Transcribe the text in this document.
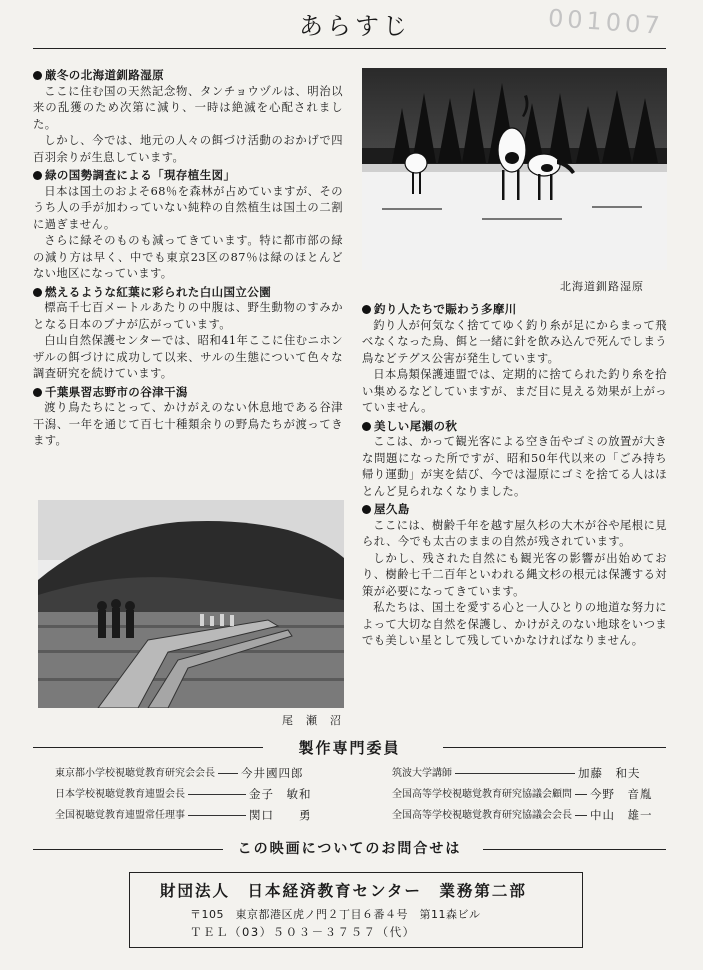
あらすじ	001007
厳冬の北海道釧路湿原
ここに住む国の天然記念物、タンチョウヅルは、明治以来の乱獲のため次第に減り、一時は絶滅を心配されました。
しかし、今では、地元の人々の餌づけ活動のおかげで四百羽余りが生息しています。
緑の国勢調査による「現存植生図」
日本は国土のおよそ68％を森林が占めていますが、そのうち人の手が加わっていない純粋の自然植生は国土の二割に過ぎません。
さらに緑そのものも減ってきています。特に都市部の緑の減り方は早く、中でも東京23区の87％は緑のほとんどない地区になっています。
燃えるような紅葉に彩られた白山国立公園
標高千七百メートルあたりの中腹は、野生動物のすみかとなる日本のブナが広がっています。
白山自然保護センターでは、昭和41年ここに住むニホンザルの餌づけに成功して以来、サルの生態について色々な調査研究を続けています。
千葉県習志野市の谷津干潟
渡り鳥たちにとって、かけがえのない休息地である谷津干潟、一年を通じて百七十種類余りの野鳥たちが渡ってきます。
北海道釧路湿原
尾　瀬　沼
釣り人たちで賑わう多摩川
釣り人が何気なく捨ててゆく釣り糸が足にからまって飛べなくなった鳥、餌と一緒に針を飲み込んで死んでしまう鳥などテグス公害が発生しています。
日本鳥類保護連盟では、定期的に捨てられた釣り糸を拾い集めるなどしていますが、まだ目に見える効果が上がっていません。
美しい尾瀬の秋
ここは、かって観光客による空き缶やゴミの放置が大きな問題になった所ですが、昭和50年代以来の「ごみ持ち帰り運動」が実を結び、今では湿原にゴミを捨てる人はほとんど見られなくなりました。
屋久島
ここには、樹齢千年を越す屋久杉の大木が谷や尾根に見られ、今でも太古のままの自然が残されています。
しかし、残された自然にも観光客の影響が出始めており、樹齢七千二百年といわれる縄文杉の根元は保護する対策が必要になってきています。
私たちは、国土を愛する心と一人ひとりの地道な努力によって大切な自然を保護し、かけがえのない地球をいつまでも美しい星として残していかなければなりません。
製作専門委員
東京都小学校視聴覚教育研究会会長 今井國四郎
日本学校視聴覚教育連盟会長	金子　敏和
全国視聴覚教育連盟常任理事	関口　　勇
筑波大学講師	加藤　和夫
全国高等学校視聴覚教育研究協議会顧問 今野　音胤
全国高等学校視聴覚教育研究協議会会長 中山　雄一
この映画についてのお問合せは
財団法人　日本経済教育センター　業務第二部
〒105　東京都港区虎ノ門２丁目６番４号　第11森ビル
ＴＥＬ（03）５０３－３７５７（代）
